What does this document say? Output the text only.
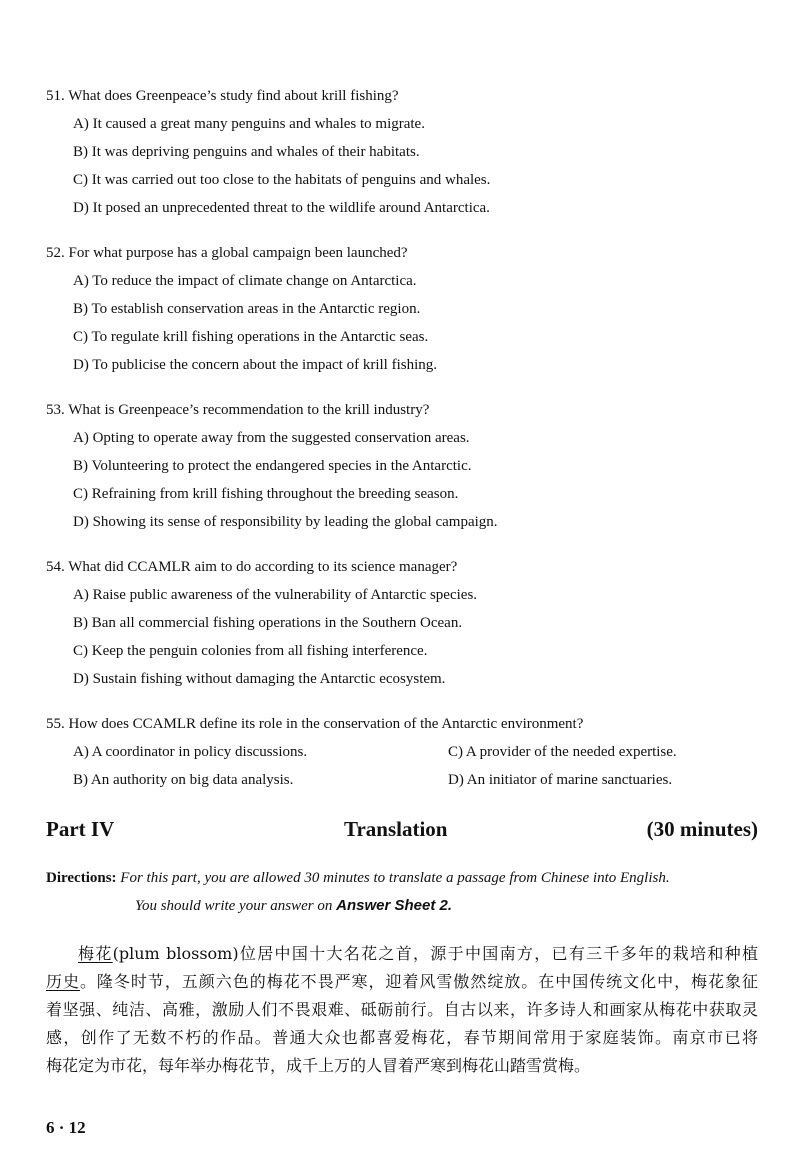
51. What does Greenpeace’s study find about krill fishing?
A) It caused a great many penguins and whales to migrate.
B) It was depriving penguins and whales of their habitats.
C) It was carried out too close to the habitats of penguins and whales.
D) It posed an unprecedented threat to the wildlife around Antarctica.
52. For what purpose has a global campaign been launched?
A) To reduce the impact of climate change on Antarctica.
B) To establish conservation areas in the Antarctic region.
C) To regulate krill fishing operations in the Antarctic seas.
D) To publicise the concern about the impact of krill fishing.
53. What is Greenpeace’s recommendation to the krill industry?
A) Opting to operate away from the suggested conservation areas.
B) Volunteering to protect the endangered species in the Antarctic.
C) Refraining from krill fishing throughout the breeding season.
D) Showing its sense of responsibility by leading the global campaign.
54. What did CCAMLR aim to do according to its science manager?
A) Raise public awareness of the vulnerability of Antarctic species.
B) Ban all commercial fishing operations in the Southern Ocean.
C) Keep the penguin colonies from all fishing interference.
D) Sustain fishing without damaging the Antarctic ecosystem.
55. How does CCAMLR define its role in the conservation of the Antarctic environment?
A) A coordinator in policy discussions.	C) A provider of the needed expertise.
B) An authority on big data analysis.	D) An initiator of marine sanctuaries.
Part IV	Translation	(30 minutes)
Directions: For this part, you are allowed 30 minutes to translate a passage from Chinese into English.
You should write your answer on Answer Sheet 2.
梅花(plum blossom)位居中国十大名花之首，源于中国南方，已有三千多年的栽培和种植
历史。隆冬时节，五颜六色的梅花不畏严寒，迎着风雪傲然绽放。在中国传统文化中，梅花象征
着坚强、纯洁、高雅，激励人们不畏艰难、砥砺前行。自古以来，许多诗人和画家从梅花中获取灵
感，创作了无数不朽的作品。普通大众也都喜爱梅花，春节期间常用于家庭装饰。南京市已将
梅花定为市花，每年举办梅花节，成千上万的人冒着严寒到梅花山踏雪赏梅。
6 · 12
